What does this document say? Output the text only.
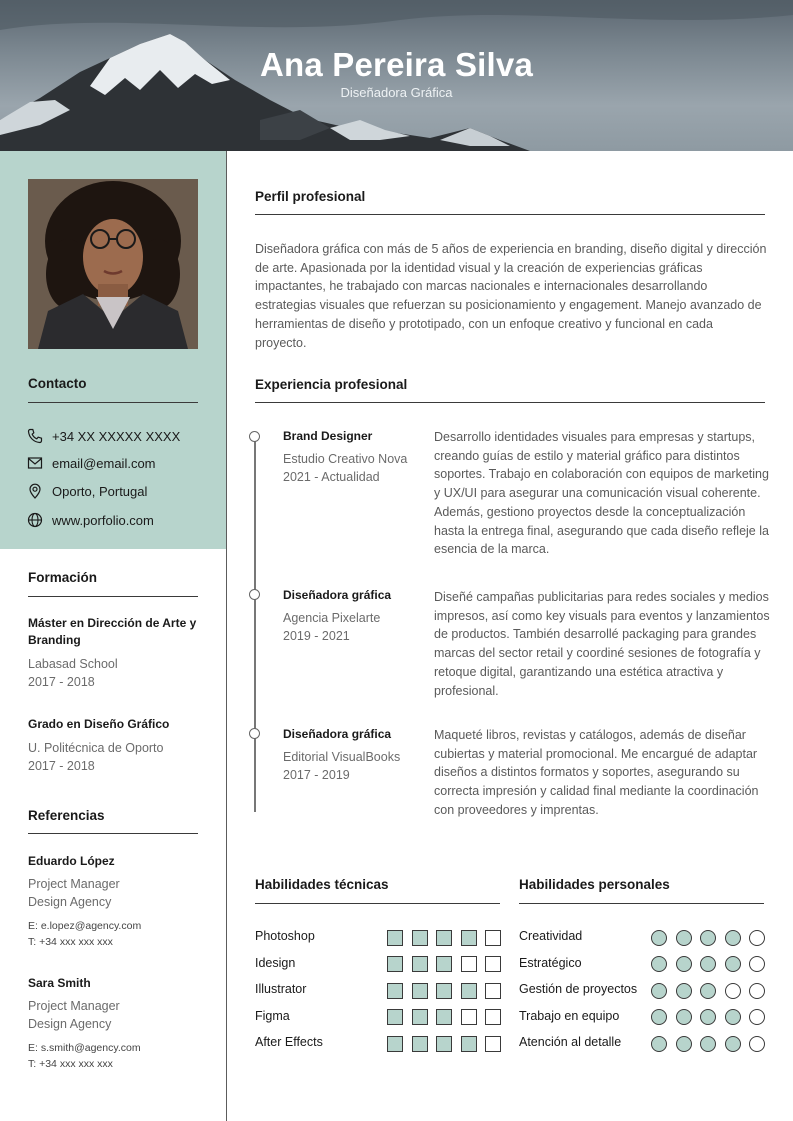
Ana Pereira Silva
Diseñadora Gráfica
Contacto
+34 XX XXXXX XXXX
email@email.com
Oporto, Portugal
www.porfolio.com
Formación
Máster en Dirección de Arte y Branding
Labasad School
2017 - 2018
Grado en Diseño Gráfico
U. Politécnica de Oporto
2017 - 2018
Referencias
Eduardo López
Project Manager
Design Agency
E: e.lopez@agency.com
T: +34 xxx xxx xxx
Sara Smith
Project Manager
Design Agency
E: s.smith@agency.com
T: +34 xxx xxx xxx
Perfil profesional
Diseñadora gráfica con más de 5 años de experiencia en branding, diseño digital y dirección de arte. Apasionada por la identidad visual y la creación de experiencias gráficas impactantes, he trabajado con marcas nacionales e internacionales desarrollando estrategias visuales que refuerzan su posicionamiento y engagement. Manejo avanzado de herramientas de diseño y prototipado, con un enfoque creativo y funcional en cada proyecto.
Experiencia profesional
Brand Designer
Estudio Creativo Nova
2021 - Actualidad
Desarrollo identidades visuales para empresas y startups, creando guías de estilo y material gráfico para distintos soportes. Trabajo en colaboración con equipos de marketing y UX/UI para asegurar una comunicación visual coherente. Además, gestiono proyectos desde la conceptualización hasta la entrega final, asegurando que cada diseño refleje la esencia de la marca.
Diseñadora gráfica
Agencia Pixelarte
2019 - 2021
Diseñé campañas publicitarias para redes sociales y medios impresos, así como key visuals para eventos y lanzamientos de productos. También desarrollé packaging para grandes marcas del sector retail y coordiné sesiones de fotografía y retoque digital, garantizando una estética atractiva y profesional.
Diseñadora gráfica
Editorial VisualBooks
2017 - 2019
Maqueté libros, revistas y catálogos, además de diseñar cubiertas y material promocional. Me encargué de adaptar diseños a distintos formatos y soportes, asegurando su correcta impresión y calidad final mediante la coordinación con proveedores y imprentas.
Habilidades técnicas	Habilidades personales
Photoshop
Idesign
Illustrator
Figma
After Effects
Creatividad
Estratégico
Gestión de proyectos
Trabajo en equipo
Atención al detalle
